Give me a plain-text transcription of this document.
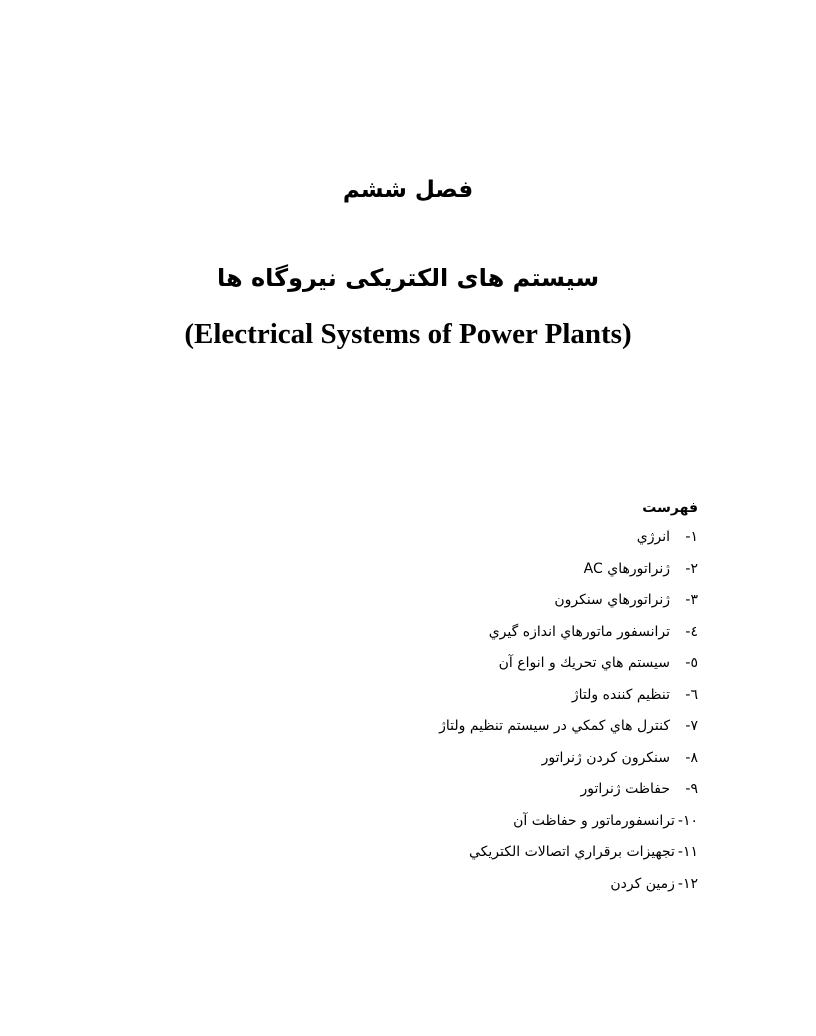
فصل ششم
سیستم های الکتریکی نیروگاه ها
(Electrical Systems of Power Plants)
فهرست
١-انرژي
٢-ژنراتورهاي AC
٣-ژنراتورهاي سنكرون
٤-ترانسفور ماتورهاي اندازه گيري
٥-سيستم هاي تحريك و انواع آن
٦-تنظيم كننده ولتاژ
٧-كنترل هاي كمكي در سيستم تنظيم ولتاژ
٨-سنكرون كردن ژنراتور
٩-حفاظت ژنراتور
١٠-ترانسفورماتور و حفاظت آن
١١-تجهيزات برقراري اتصالات الكتريكي
١٢-زمين كردن
